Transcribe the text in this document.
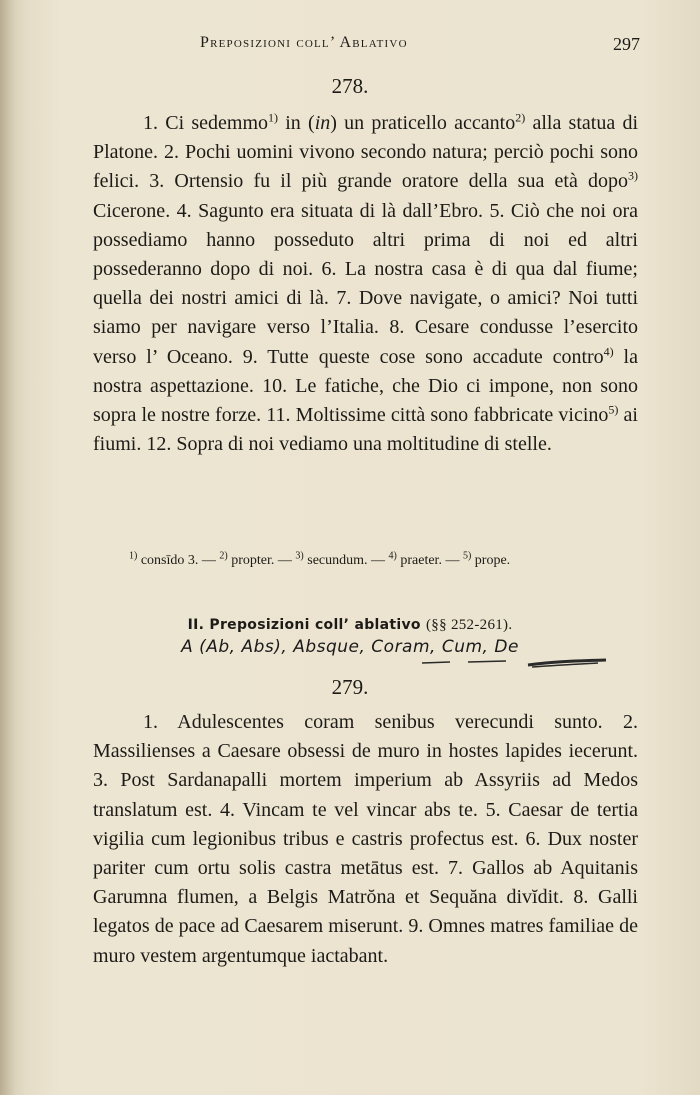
Preposizioni coll’ Ablativo	297
278.

1. Ci sedemmo$^{1)}$ in (in) un praticello accanto$^{2)}$ alla statua di Platone. 2. Pochi uomini vivono secondo natura; perciò pochi sono felici. 3. Ortensio fu il più grande oratore della sua età dopo$^{3)}$ Cicerone. 4. Sagunto era situata di là dall’Ebro. 5. Ciò che noi ora possediamo hanno posseduto altri prima di noi ed altri possederanno dopo di noi. 6. La nostra casa è di qua dal fiume; quella dei nostri amici di là. 7. Dove navigate, o amici? Noi tutti siamo per navigare verso l’Italia. 8. Cesare condusse l’esercito verso l’ Oceano. 9. Tutte queste cose sono accadute contro$^{4)}$ la nostra aspettazione. 10. Le fatiche, che Dio ci impone, non sono sopra le nostre forze. 11. Moltissime città sono fabbricate vicino$^{5)}$ ai fiumi. 12. Sopra di noi vediamo una moltitudine di stelle.

$^{1)}$ consīdo 3. — $^{2)}$ propter. — $^{3)}$ secundum. — $^{4)}$ praeter. — $^{5)}$ prope.
II. Preposizioni coll’ ablativo (§§ 252-261).
A (Ab, Abs), Absque, Coram, Cum, De
279.

1. Adulescentes coram senibus verecundi sunto. 2. Massilienses a Caesare obsessi de muro in hostes lapides iecerunt. 3. Post Sardanapalli mortem imperium ab Assyriis ad Medos translatum est. 4. Vincam te vel vincar abs te. 5. Caesar de tertia vigilia cum legionibus tribus e castris profectus est. 6. Dux noster pariter cum ortu solis castra metātus est. 7. Gallos ab Aquitanis Garumna flumen, a Belgis Matrŏna et Sequăna divĭdit. 8. Galli legatos de pace ad Caesarem miserunt. 9. Omnes matres familiae de muro vestem argentumque iactabant.
